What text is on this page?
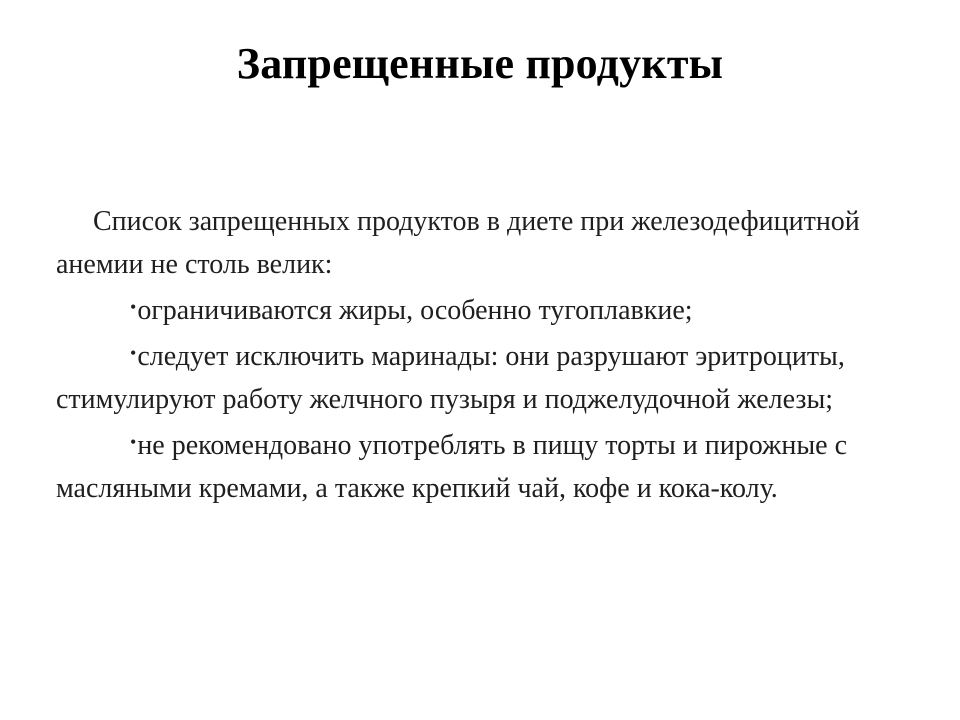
Запрещенные продукты

Список запрещенных продуктов в диете при железодефицитной анемии не столь велик:

•ограничиваются жиры, особенно тугоплавкие;

•следует исключить маринады: они разрушают эритроциты, стимулируют работу желчного пузыря и поджелудочной железы;

•не рекомендовано употреблять в пищу торты и пирожные с масляными кремами, а также крепкий чай, кофе и кока-колу.
